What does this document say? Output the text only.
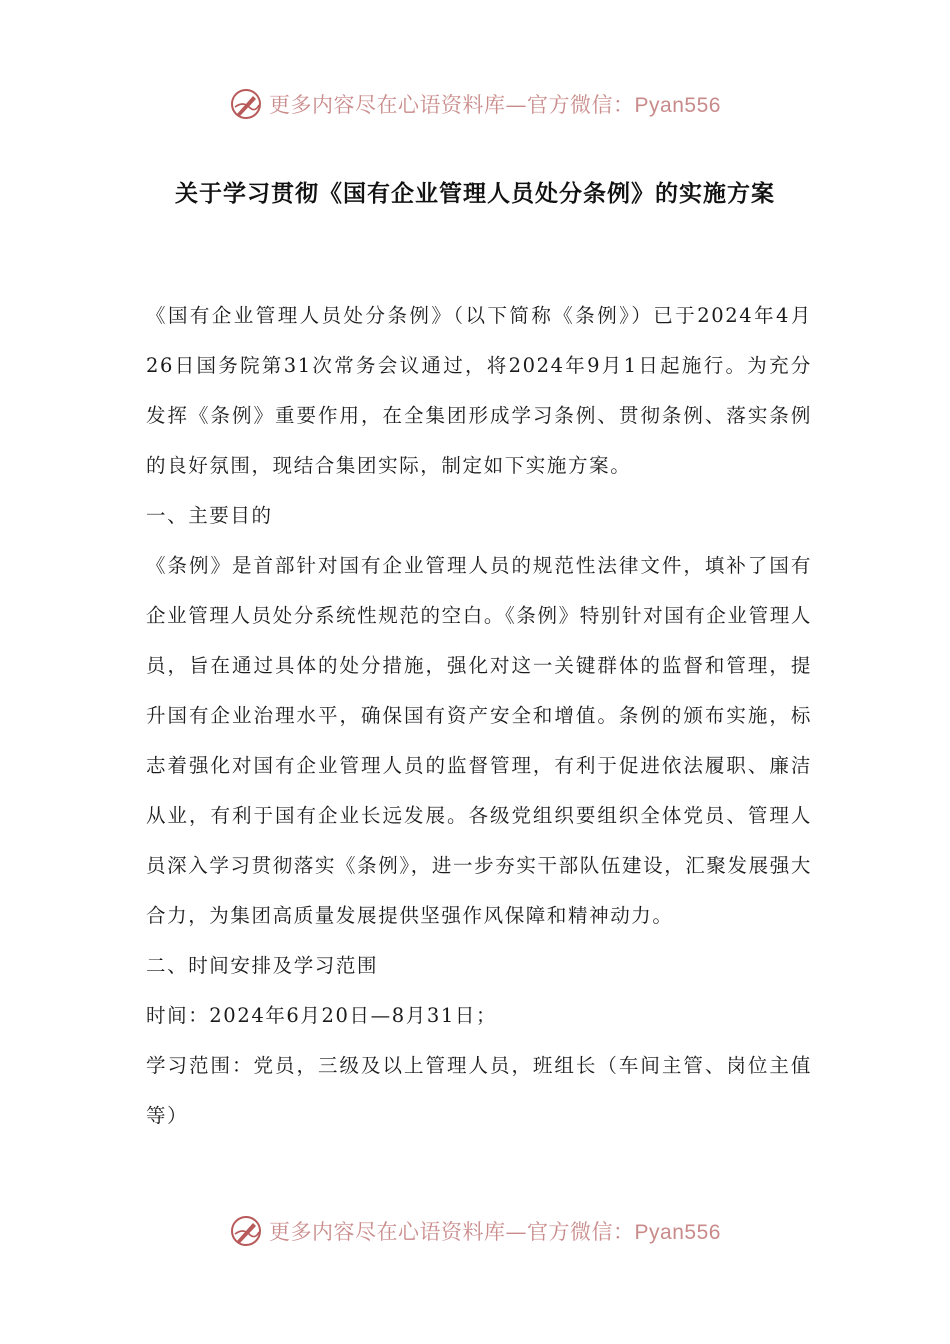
更多内容尽在心语资料库—官方微信：Pyan556
关于学习贯彻《国有企业管理人员处分条例》的实施方案

《国有企业管理人员处分条例》（以下简称《条例》）已于2024年4月26日国务院第31次常务会议通过，将2024年9月1日起施行。为充分发挥《条例》重要作用，在全集团形成学习条例、贯彻条例、落实条例的良好氛围，现结合集团实际，制定如下实施方案。

一、主要目的

《条例》是首部针对国有企业管理人员的规范性法律文件，填补了国有企业管理人员处分系统性规范的空白。《条例》特别针对国有企业管理人员，旨在通过具体的处分措施，强化对这一关键群体的监督和管理，提升国有企业治理水平，确保国有资产安全和增值。条例的颁布实施，标志着强化对国有企业管理人员的监督管理，有利于促进依法履职、廉洁从业，有利于国有企业长远发展。各级党组织要组织全体党员、管理人员深入学习贯彻落实《条例》，进一步夯实干部队伍建设，汇聚发展强大合力，为集团高质量发展提供坚强作风保障和精神动力。

二、时间安排及学习范围

时间：2024年6月20日—8月31日；

学习范围：党员，三级及以上管理人员，班组长（车间主管、岗位主值等）

更多内容尽在心语资料库—官方微信：Pyan556
